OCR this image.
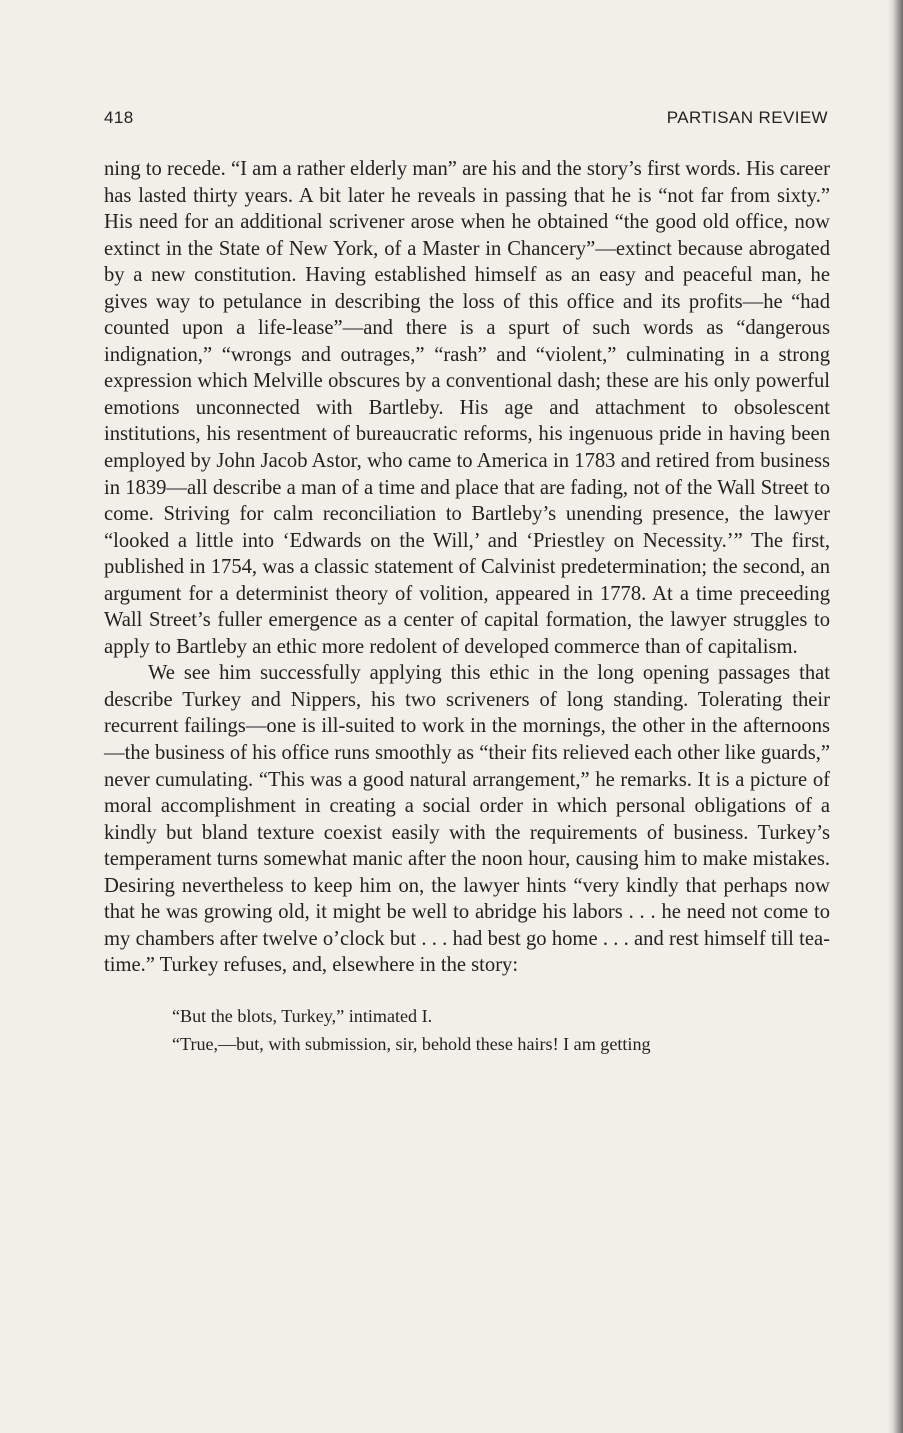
418	PARTISAN REVIEW

ning to recede. “I am a rather elderly man” are his and the story’s first words. His career has lasted thirty years. A bit later he reveals in passing that he is “not far from sixty.” His need for an additional scrivener arose when he obtained “the good old office, now extinct in the State of New York, of a Master in Chancery”—extinct because abrogated by a new constitution. Having established himself as an easy and peaceful man, he gives way to petulance in describing the loss of this office and its profits—he “had counted upon a life-lease”—and there is a spurt of such words as “dangerous indignation,” “wrongs and outrages,” “rash” and “violent,” culminating in a strong expression which Melville obscures by a conventional dash; these are his only powerful emotions unconnected with Bartleby. His age and attachment to obsolescent institutions, his resentment of bureaucratic reforms, his ingenuous pride in having been employed by John Jacob Astor, who came to America in 1783 and retired from business in 1839—all describe a man of a time and place that are fading, not of the Wall Street to come. Striving for calm reconciliation to Bartleby’s unending presence, the lawyer “looked a little into ‘Edwards on the Will,’ and ‘Priestley on Necessity.’” The first, published in 1754, was a classic statement of Calvinist predetermination; the second, an argument for a determinist theory of volition, appeared in 1778. At a time preceeding Wall Street’s fuller emergence as a center of capital formation, the lawyer struggles to apply to Bartleby an ethic more redolent of developed commerce than of capitalism.

We see him successfully applying this ethic in the long opening passages that describe Turkey and Nippers, his two scriveners of long standing. Tolerating their recurrent failings—one is ill-suited to work in the mornings, the other in the afternoons—the business of his office runs smoothly as “their fits relieved each other like guards,” never cumulating. “This was a good natural arrangement,” he remarks. It is a picture of moral accomplishment in creating a social order in which personal obligations of a kindly but bland texture coexist easily with the requirements of business. Turkey’s temperament turns somewhat manic after the noon hour, causing him to make mistakes. Desiring nevertheless to keep him on, the lawyer hints “very kindly that perhaps now that he was growing old, it might be well to abridge his labors . . . he need not come to my chambers after twelve o’clock but . . . had best go home . . . and rest himself till tea-time.” Turkey refuses, and, elsewhere in the story:

“But the blots, Turkey,” intimated I.

“True,—but, with submission, sir, behold these hairs! I am getting
